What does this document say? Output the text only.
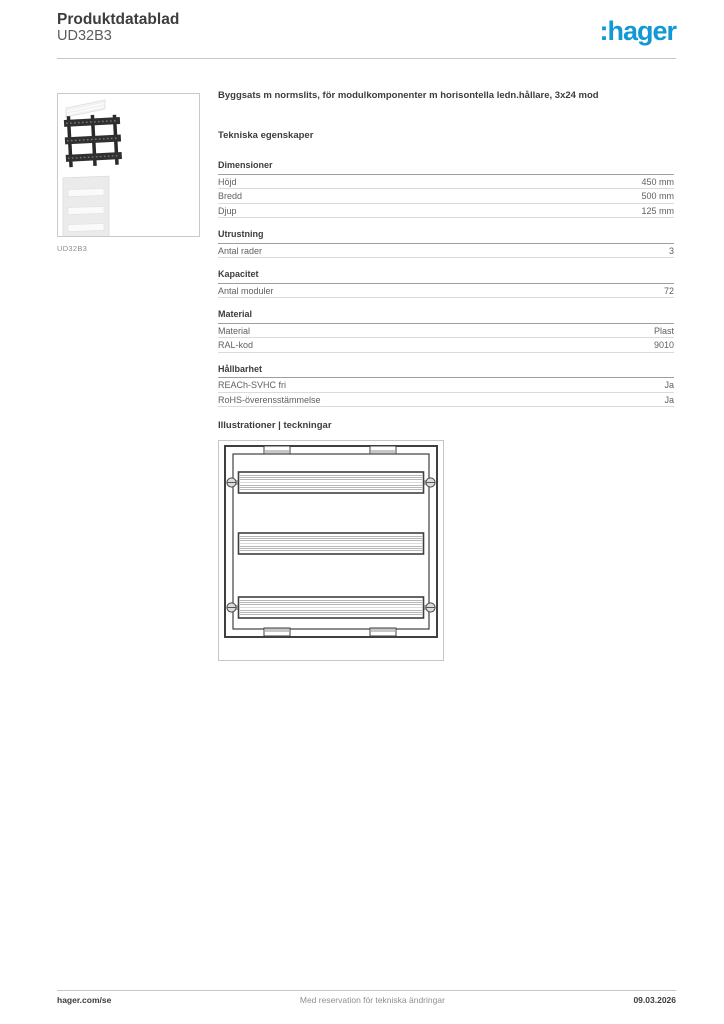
Produktdatablad
UD32B3	:hager
UD32B3
Byggsats m normslits, för modulkomponenter m horisontella ledn.hållare, 3x24 mod
Tekniska egenskaper
Dimensioner
Höjd	450 mm
Bredd	500 mm
Djup	125 mm
Utrustning
Antal rader	3
Kapacitet
Antal moduler	72
Material
Material	Plast
RAL-kod	9010
Hållbarhet
REACh-SVHC fri	Ja
RoHS-överensstämmelse	Ja
Illustrationer | teckningar
hager.com/se	Med reservation för tekniska ändringar	09.03.2026
